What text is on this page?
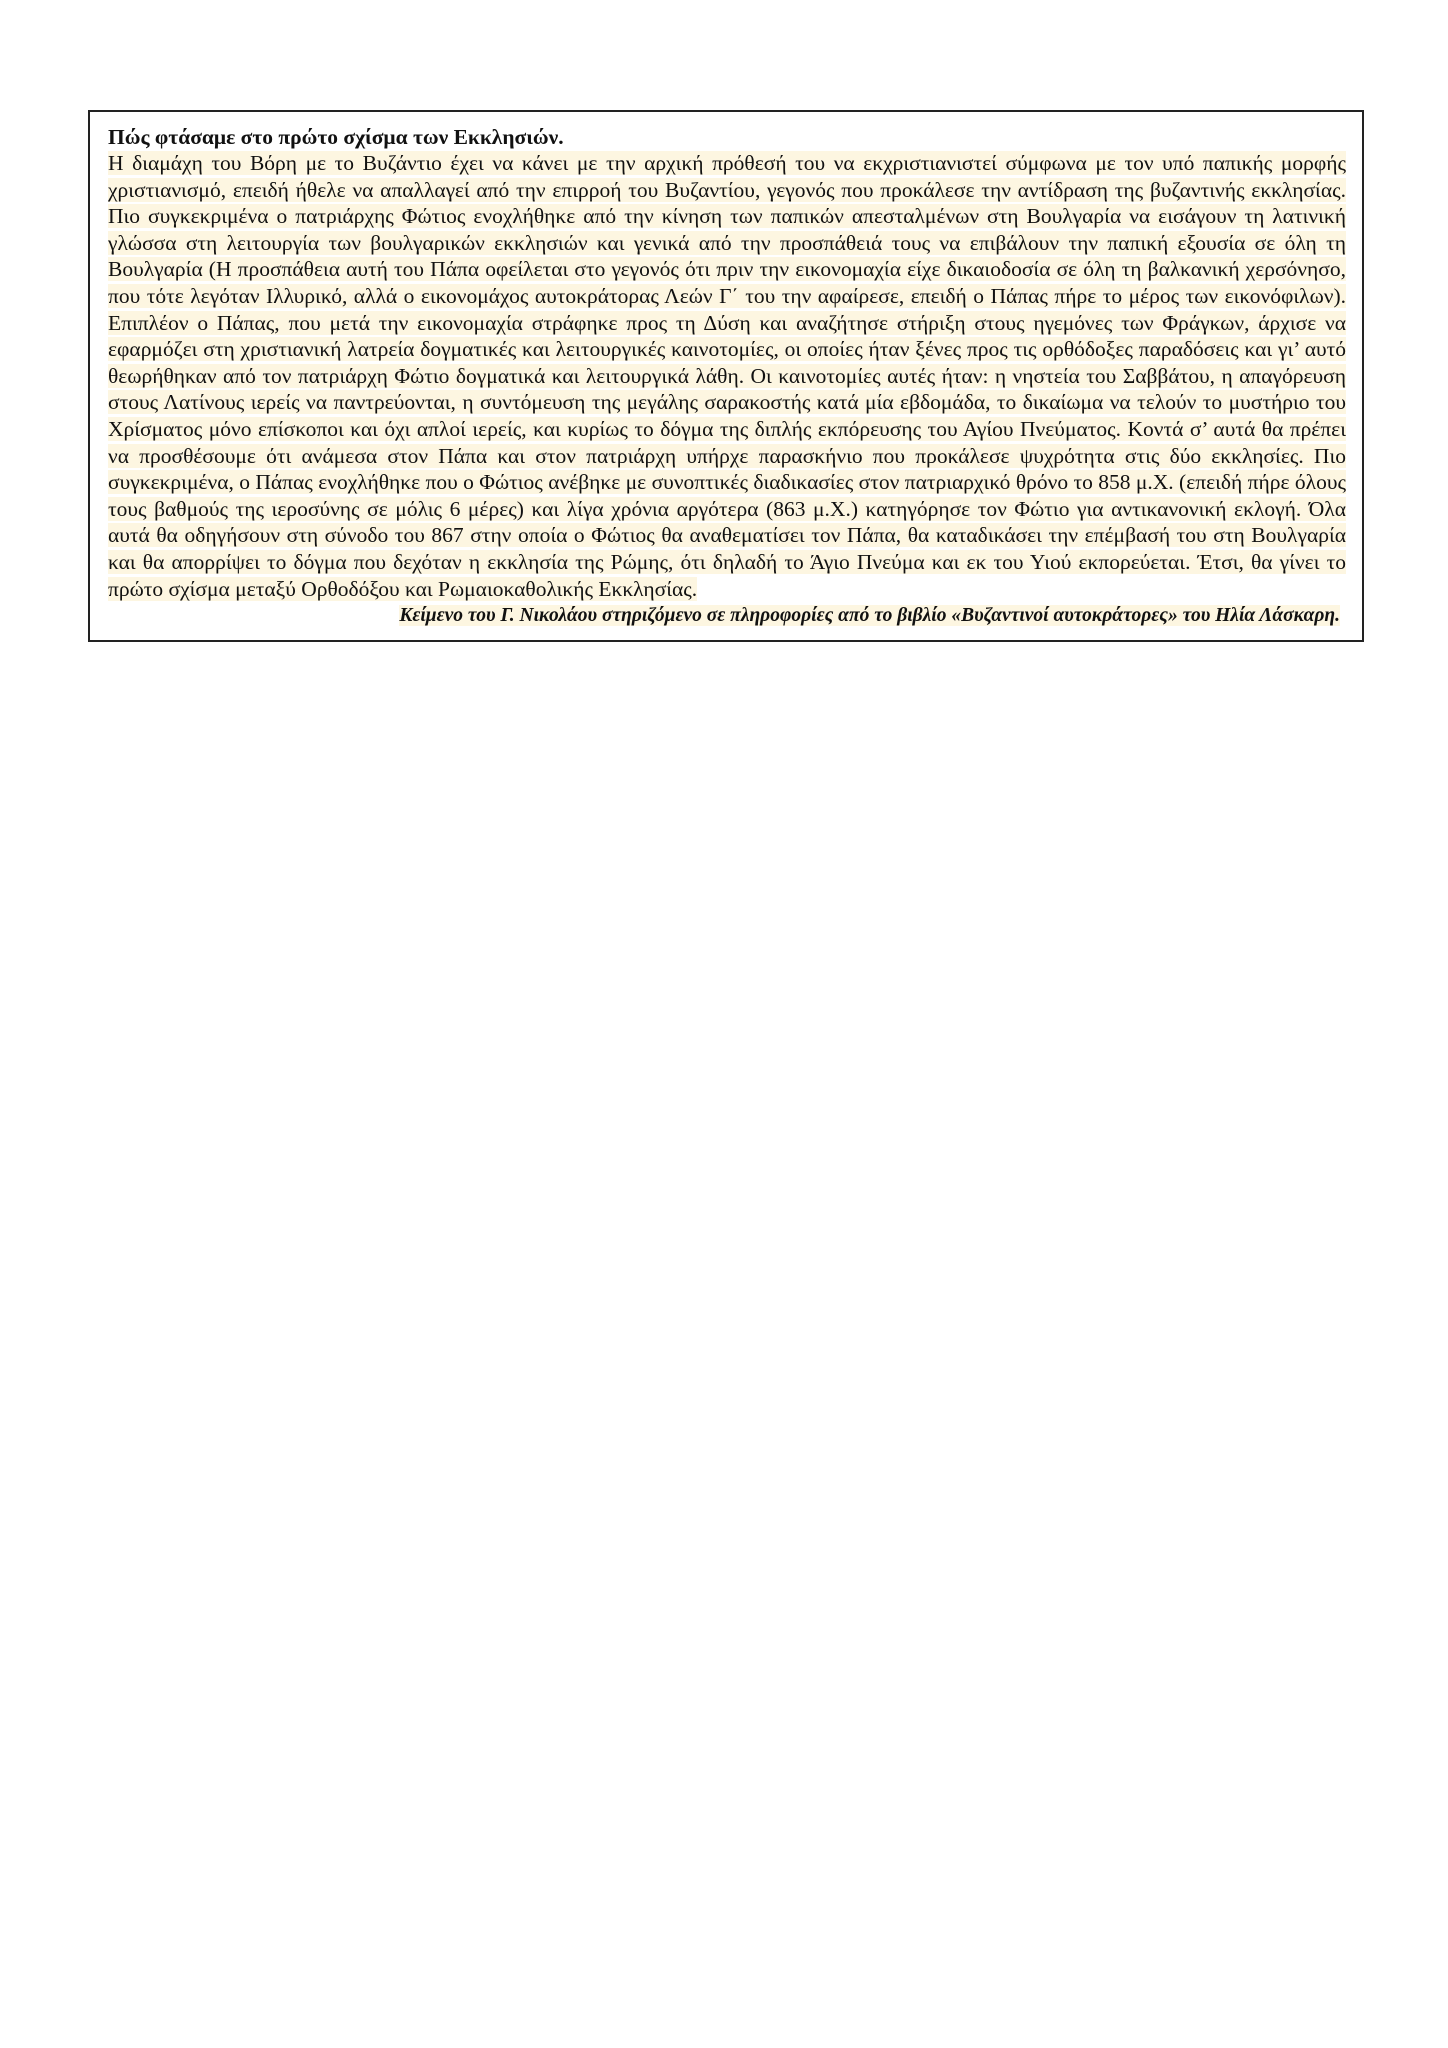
Πώς φτάσαμε στο πρώτο σχίσμα των Εκκλησιών.

Η διαμάχη του Βόρη με το Βυζάντιο έχει να κάνει με την αρχική πρόθεσή του να εκχριστιανιστεί σύμφωνα με τον υπό παπικής μορφής χριστιανισμό, επειδή ήθελε να απαλλαγεί από την επιρροή του Βυζαντίου, γεγονός που προκάλεσε την αντίδραση της βυζαντινής εκκλησίας. Πιο συγκεκριμένα ο πατριάρχης Φώτιος ενοχλήθηκε από την κίνηση των παπικών απεσταλμένων στη Βουλγαρία να εισάγουν τη λατινική γλώσσα στη λειτουργία των βουλγαρικών εκκλησιών και γενικά από την προσπάθειά τους να επιβάλουν την παπική εξουσία σε όλη τη Βουλγαρία (Η προσπάθεια αυτή του Πάπα οφείλεται στο γεγονός ότι πριν την εικονομαχία είχε δικαιοδοσία σε όλη τη βαλκανική χερσόνησο, που τότε λεγόταν Ιλλυρικό, αλλά ο εικονομάχος αυτοκράτορας Λεών Γ΄ του την αφαίρεσε, επειδή ο Πάπας πήρε το μέρος των εικονόφιλων). Επιπλέον ο Πάπας, που μετά την εικονομαχία στράφηκε προς τη Δύση και αναζήτησε στήριξη στους ηγεμόνες των Φράγκων, άρχισε να εφαρμόζει στη χριστιανική λατρεία δογματικές και λειτουργικές καινοτομίες, οι οποίες ήταν ξένες προς τις ορθόδοξες παραδόσεις και γι’ αυτό θεωρήθηκαν από τον πατριάρχη Φώτιο δογματικά και λειτουργικά λάθη. Οι καινοτομίες αυτές ήταν: η νηστεία του Σαββάτου, η απαγόρευση στους Λατίνους ιερείς να παντρεύονται, η συντόμευση της μεγάλης σαρακοστής κατά μία εβδομάδα, το δικαίωμα να τελούν το μυστήριο του Χρίσματος μόνο επίσκοποι και όχι απλοί ιερείς, και κυρίως το δόγμα της διπλής εκπόρευσης του Αγίου Πνεύματος. Κοντά σ’ αυτά θα πρέπει να προσθέσουμε ότι ανάμεσα στον Πάπα και στον πατριάρχη υπήρχε παρασκήνιο που προκάλεσε ψυχρότητα στις δύο εκκλησίες. Πιο συγκεκριμένα, ο Πάπας ενοχλήθηκε που ο Φώτιος ανέβηκε με συνοπτικές διαδικασίες στον πατριαρχικό θρόνο το 858 μ.Χ. (επειδή πήρε όλους τους βαθμούς της ιεροσύνης σε μόλις 6 μέρες) και λίγα χρόνια αργότερα (863 μ.Χ.) κατηγόρησε τον Φώτιο για αντικανονική εκλογή. Όλα αυτά θα οδηγήσουν στη σύνοδο του 867 στην οποία ο Φώτιος θα αναθεματίσει τον Πάπα, θα καταδικάσει την επέμβασή του στη Βουλγαρία και θα απορρίψει το δόγμα που δεχόταν η εκκλησία της Ρώμης, ότι δηλαδή το Άγιο Πνεύμα και εκ του Υιού εκπορεύεται. Έτσι, θα γίνει το πρώτο σχίσμα μεταξύ Ορθοδόξου και Ρωμαιοκαθολικής Εκκλησίας.

Κείμενο του Γ. Νικολάου στηριζόμενο σε πληροφορίες από το βιβλίο «Βυζαντινοί αυτοκράτορες» του Ηλία Λάσκαρη.
